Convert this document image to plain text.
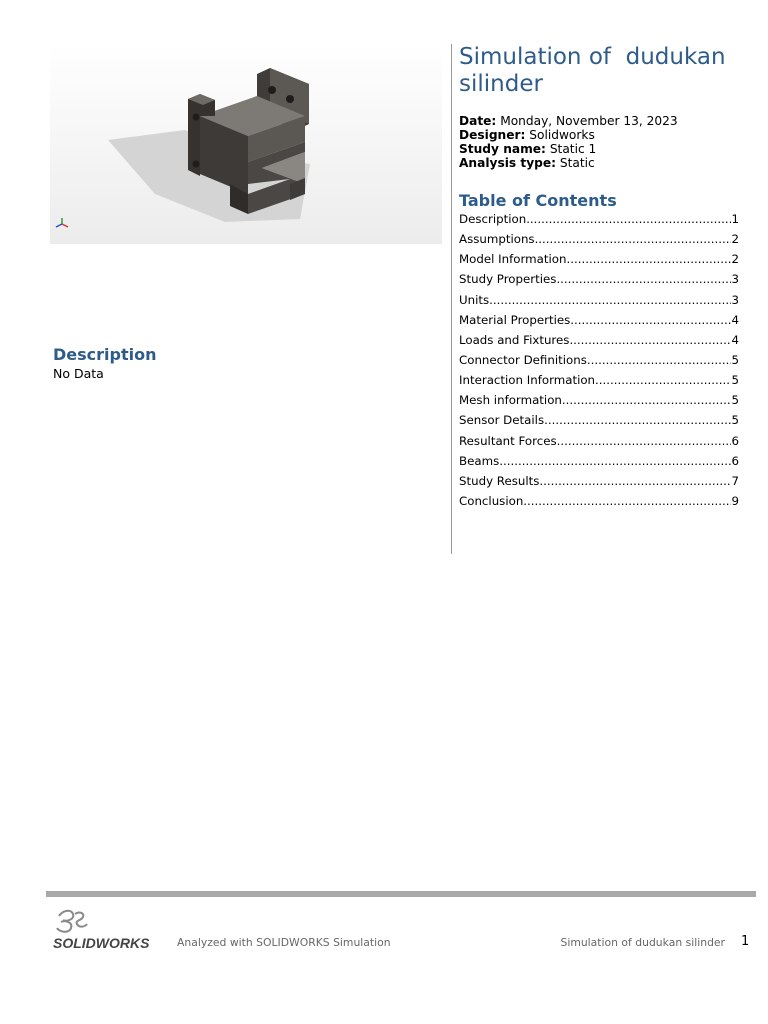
Description
No Data
Simulation of  dudukan silinder
Date: Monday, November 13, 2023
Designer: Solidworks
Study name: Static 1
Analysis type: Static
Table of Contents
Description .....	1
Assumptions .....	2
Model Information .....	2
Study Properties .....	3
Units .....	3
Material Properties .....	4
Loads and Fixtures .....	4
Connector Definitions .....	5
Interaction Information .....	5
Mesh information .....	5
Sensor Details .....	5
Resultant Forces .....	6
Beams .....	6
Study Results .....	7
Conclusion .....	9
SOLIDWORKS	Analyzed with SOLIDWORKS Simulation	Simulation of dudukan silinder 1
